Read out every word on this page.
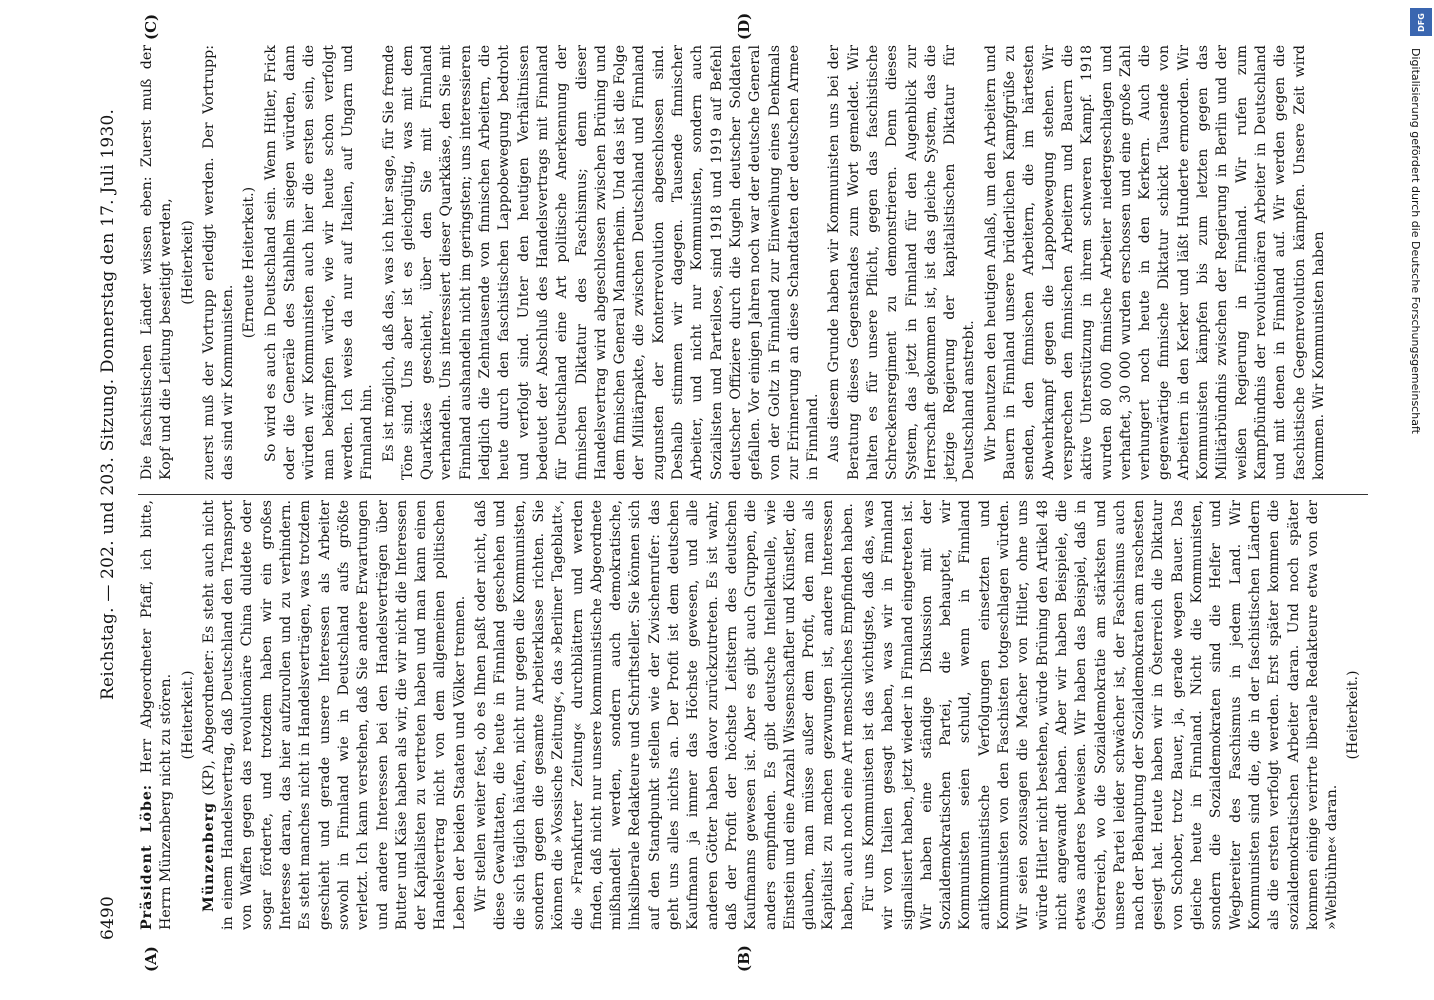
6490
Reichstag. — 202. und 203. Sitzung. Donnerstag den 17. Juli 1930.
(A)	(B)
(C)	(D)

Präsident Löbe: Herr Abgeordneter Pfaff, ich bitte, Herrn Münzenberg nicht zu stören. (Heiterkeit.)

Münzenberg (KP), Abgeordneter: Es steht auch nicht in einem Handelsvertrag, daß Deutschland den Transport von Waffen gegen das revolutionäre China duldete oder sogar förderte, und trotzdem haben wir ein großes Interesse daran, das hier aufzurollen und zu verhindern. Es steht manches nicht in Handelsverträgen, was trotzdem geschieht und gerade unsere Interessen als Arbeiter sowohl in Finnland wie in Deutschland aufs größte verletzt. Ich kann verstehen, daß Sie andere Erwartungen und andere Interessen bei den Handelsverträgen über Butter und Käse haben als wir, die wir nicht die Interessen der Kapitalisten zu vertreten haben und man kann einen Handelsvertrag nicht von dem allgemeinen politischen Leben der beiden Staaten und Völker trennen. Wir stellen weiter fest, ob es Ihnen paßt oder nicht, daß diese Gewalttaten, die heute in Finnland geschehen und die sich täglich häufen, nicht nur gegen die Kommunisten, sondern gegen die gesamte Arbeiterklasse richten. Sie können die »Vossische Zeitung«, das »Berliner Tageblatt«, die »Frankfurter Zeitung« durchblättern und werden finden, daß nicht nur unsere kommunistische Abgeordnete mißhandelt werden, sondern auch demokratische, linksliberale Redakteure und Schriftsteller. Sie können sich auf den Standpunkt stellen wie der Zwischenrufer: das geht uns alles nichts an. Der Profit ist dem deutschen Kaufmann ja immer das Höchste gewesen, und alle anderen Götter haben davor zurückzutreten. Es ist wahr, daß der Profit der höchste Leitstern des deutschen Kaufmanns gewesen ist. Aber es gibt auch Gruppen, die anders empfinden. Es gibt deutsche Intellektuelle, wie Einstein und eine Anzahl Wissenschaftler und Künstler, die glauben, man müsse außer dem Profit, den man als Kapitalist zu machen gezwungen ist, andere Interessen haben, auch noch eine Art menschliches Empfinden haben. Für uns Kommunisten ist das wichtigste, daß das, was wir von Italien gesagt haben, was wir in Finnland signalisiert haben, jetzt wieder in Finnland eingetreten ist. Wir haben eine ständige Diskussion mit der Sozialdemokratischen Partei, die behauptet, wir Kommunisten seien schuld, wenn in Finnland antikommunistische Verfolgungen einsetzten und Kommunisten von den Faschisten totgeschlagen würden. Wir seien sozusagen die Macher von Hitler, ohne uns würde Hitler nicht bestehen, würde Brüning den Artikel 48 nicht angewandt haben. Aber wir haben Beispiele, die etwas anderes beweisen. Wir haben das Beispiel, daß in Österreich, wo die Sozialdemokratie am stärksten und unsere Partei leider schwächer ist, der Faschismus auch nach der Behauptung der Sozialdemokraten am raschesten gesiegt hat. Heute haben wir in Österreich die Diktatur von Schober, trotz Bauer, ja, gerade wegen Bauer. Das gleiche heute in Finnland. Nicht die Kommunisten, sondern die Sozialdemokraten sind die Helfer und Wegbereiter des Faschismus in jedem Land. Wir Kommunisten sind die, die in der faschistischen Ländern als die ersten verfolgt werden. Erst später kommen die sozialdemokratischen Arbeiter daran. Und noch später kommen einige verirrte liberale Redakteure etwa von der »Weltbühne« daran.

(Heiterkeit.)

Die faschistischen Länder wissen eben: Zuerst muß der Kopf und die Leitung beseitigt werden, (Heiterkeit) zuerst muß der Vortrupp erledigt werden. Der Vortrupp: das sind wir Kommunisten.

(Erneute Heiterkeit.) So wird es auch in Deutschland sein. Wenn Hitler, Frick oder die Generäle des Stahlhelm siegen würden, dann würden wir Kommunisten auch hier die ersten sein, die man bekämpfen würde, wie wir heute schon verfolgt werden. Ich weise da nur auf Italien, auf Ungarn und Finnland hin. Es ist möglich, daß das, was ich hier sage, für Sie fremde Töne sind. Uns aber ist es gleichgültig, was mit dem Quarkkäse geschieht, über den Sie mit Finnland verhandeln. Uns interessiert dieser Quarkkäse, den Sie mit Finnland aushandeln nicht im geringsten; uns interessieren lediglich die Zehntausende von finnischen Arbeitern, die heute durch den faschistischen Lappobewegung bedroht und verfolgt sind. Unter den heutigen Verhältnissen bedeutet der Abschluß des Handelsvertrags mit Finnland für Deutschland eine Art politische Anerkennung der finnischen Diktatur des Faschismus; denn dieser Handelsvertrag wird abgeschlossen zwischen Brüning und dem finnischen General Mannerheim. Und das ist die Folge der Militärpakte, die zwischen Deutschland und Finnland zugunsten der Konterrevolution abgeschlossen sind. Deshalb stimmen wir dagegen. Tausende finnischer Arbeiter, und nicht nur Kommunisten, sondern auch Sozialisten und Parteilose, sind 1918 und 1919 auf Befehl deutscher Offiziere durch die Kugeln deutscher Soldaten gefallen. Vor einigen Jahren noch war der deutsche General von der Goltz in Finnland zur Einweihung eines Denkmals zur Erinnerung an diese Schandtaten der deutschen Armee in Finnland. Aus diesem Grunde haben wir Kommunisten uns bei der Beratung dieses Gegenstandes zum Wort gemeldet. Wir halten es für unsere Pflicht, gegen das faschistische Schreckensregiment zu demonstrieren. Denn dieses System, das jetzt in Finnland für den Augenblick zur Herrschaft gekommen ist, ist das gleiche System, das die jetzige Regierung der kapitalistischen Diktatur für Deutschland anstrebt. Wir benutzen den heutigen Anlaß, um den Arbeitern und Bauern in Finnland unsere brüderlichen Kampfgrüße zu senden, den finnischen Arbeitern, die im härtesten Abwehrkampf gegen die Lappobewegung stehen. Wir versprechen den finnischen Arbeitern und Bauern die aktive Unterstützung in ihrem schweren Kampf. 1918 wurden 80 000 finnische Arbeiter niedergeschlagen und verhaftet, 30 000 wurden erschossen und eine große Zahl verhungert noch heute in den Kerkern. Auch die gegenwärtige finnische Diktatur schickt Tausende von Arbeitern in den Kerker und läßt Hunderte ermorden. Wir Kommunisten kämpfen bis zum letzten gegen das Militärbündnis zwischen der Regierung in Berlin und der weißen Regierung in Finnland. Wir rufen zum Kampfbündnis der revolutionären Arbeiter in Deutschland und mit denen in Finnland auf. Wir werden gegen die faschistische Gegenrevolution kämpfen. Unsere Zeit wird kommen. Wir Kommunisten haben

DFG
Digitalisierung gefördert durch die Deutsche Forschungsgemeinschaft
